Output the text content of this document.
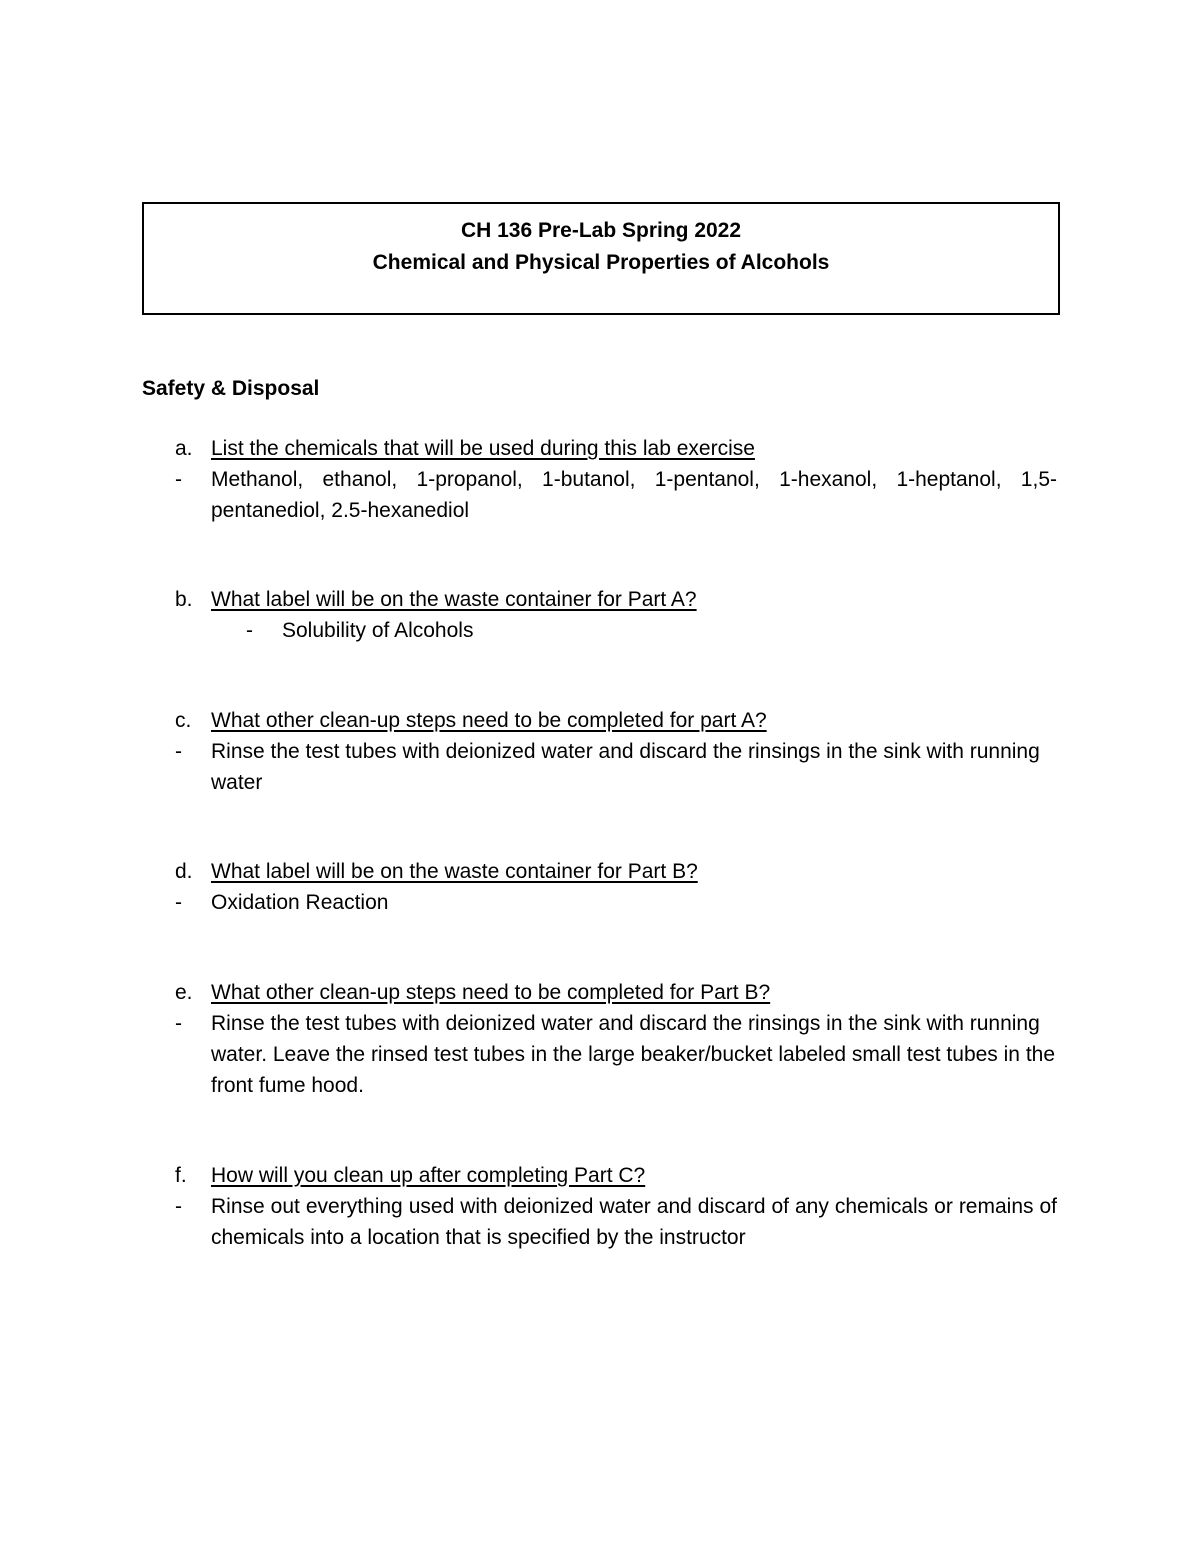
CH 136 Pre-Lab Spring 2022
Chemical and Physical Properties of Alcohols
Safety & Disposal
a. List the chemicals that will be used during this lab exercise
- Methanol, ethanol, 1-propanol, 1-butanol, 1-pentanol, 1-hexanol, 1-heptanol, 1,5-pentanediol, 2.5-hexanediol
b. What label will be on the waste container for Part A?
- Solubility of Alcohols
c. What other clean-up steps need to be completed for part A?
- Rinse the test tubes with deionized water and discard the rinsings in the sink with running water
d. What label will be on the waste container for Part B?
- Oxidation Reaction
e. What other clean-up steps need to be completed for Part B?
- Rinse the test tubes with deionized water and discard the rinsings in the sink with running water. Leave the rinsed test tubes in the large beaker/bucket labeled small test tubes in the front fume hood.
f. How will you clean up after completing Part C?
- Rinse out everything used with deionized water and discard of any chemicals or remains of chemicals into a location that is specified by the instructor
